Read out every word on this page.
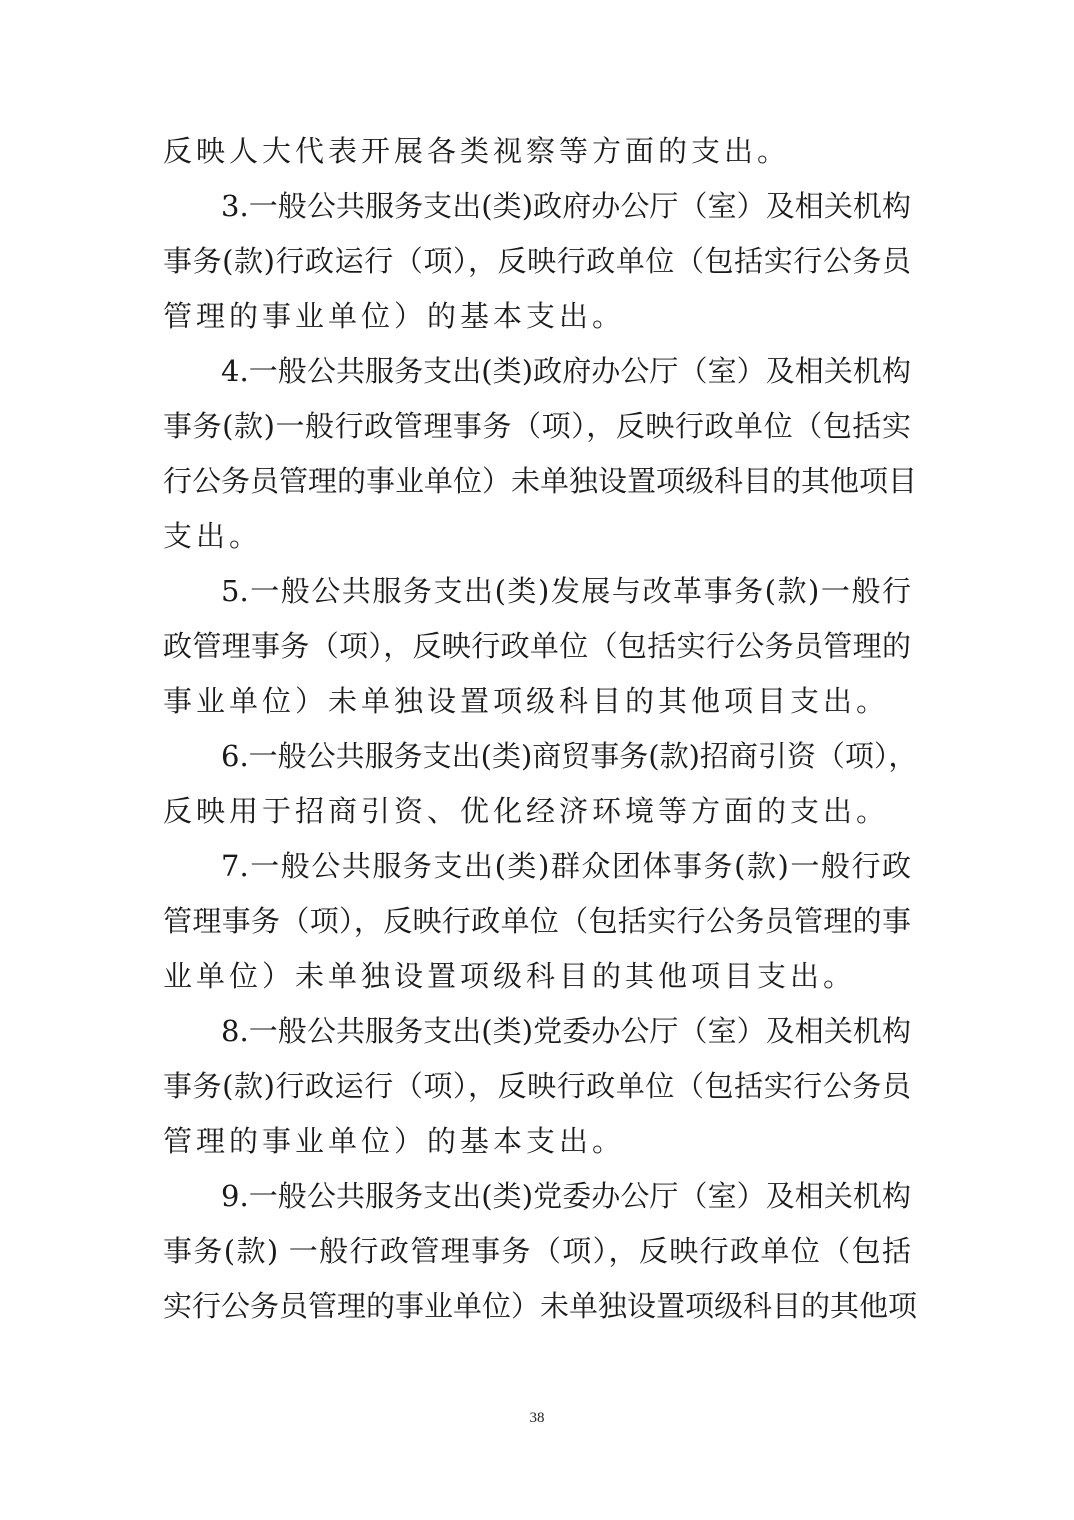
反映人大代表开展各类视察等方面的支出。
3.一般公共服务支出(类)政府办公厅（室）及相关机构
事务(款)行政运行（项），反映行政单位（包括实行公务员
管理的事业单位）的基本支出。
4.一般公共服务支出(类)政府办公厅（室）及相关机构
事务(款)一般行政管理事务（项），反映行政单位（包括实
行公务员管理的事业单位）未单独设置项级科目的其他项目
支出。
5.一般公共服务支出(类)发展与改革事务(款)一般行
政管理事务（项），反映行政单位（包括实行公务员管理的
事业单位）未单独设置项级科目的其他项目支出。
6.一般公共服务支出(类)商贸事务(款)招商引资（项），
反映用于招商引资、优化经济环境等方面的支出。
7.一般公共服务支出(类)群众团体事务(款)一般行政
管理事务（项），反映行政单位（包括实行公务员管理的事
业单位）未单独设置项级科目的其他项目支出。
8.一般公共服务支出(类)党委办公厅（室）及相关机构
事务(款)行政运行（项），反映行政单位（包括实行公务员
管理的事业单位）的基本支出。
9.一般公共服务支出(类)党委办公厅（室）及相关机构
事务(款) 一般行政管理事务（项），反映行政单位（包括
实行公务员管理的事业单位）未单独设置项级科目的其他项
38
